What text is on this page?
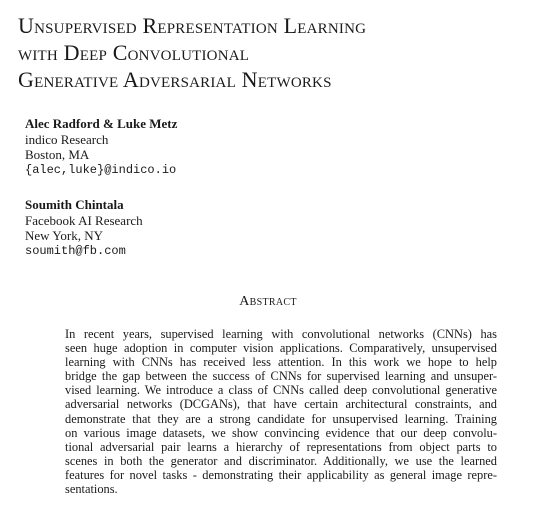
Unsupervised Representation Learning
with Deep Convolutional
Generative Adversarial Networks
Alec Radford & Luke Metz
indico Research
Boston, MA
{alec,luke}@indico.io
Soumith Chintala
Facebook AI Research
New York, NY
soumith@fb.com
Abstract
In recent years, supervised learning with convolutional networks (CNNs) has
seen huge adoption in computer vision applications. Comparatively, unsupervised
learning with CNNs has received less attention. In this work we hope to help
bridge the gap between the success of CNNs for supervised learning and unsuper-
vised learning. We introduce a class of CNNs called deep convolutional generative
adversarial networks (DCGANs), that have certain architectural constraints, and
demonstrate that they are a strong candidate for unsupervised learning. Training
on various image datasets, we show convincing evidence that our deep convolu-
tional adversarial pair learns a hierarchy of representations from object parts to
scenes in both the generator and discriminator. Additionally, we use the learned
features for novel tasks - demonstrating their applicability as general image repre-
sentations.
